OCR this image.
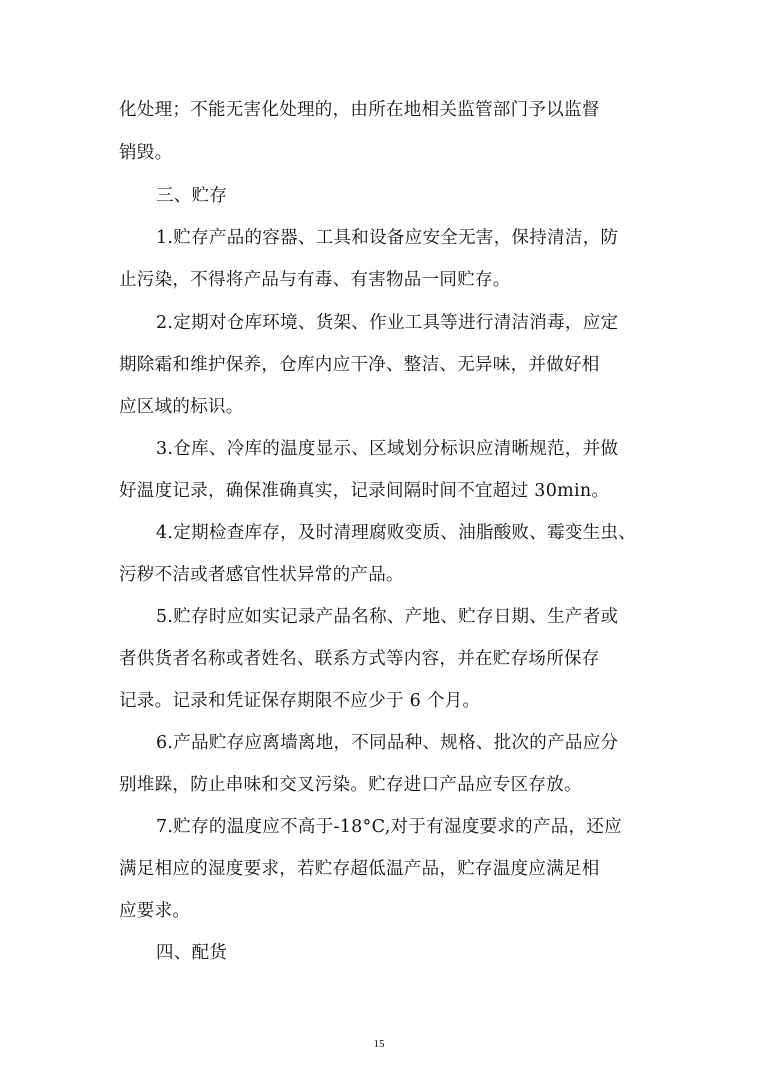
化处理；不能无害化处理的，由所在地相关监管部门予以监督
销毁。
三、贮存
1.贮存产品的容器、工具和设备应安全无害，保持清洁，防
止污染，不得将产品与有毒、有害物品一同贮存。
2.定期对仓库环境、货架、作业工具等进行清洁消毒，应定
期除霜和维护保养，仓库内应干净、整洁、无异味，并做好相
应区域的标识。
3.仓库、冷库的温度显示、区域划分标识应清晰规范，并做
好温度记录，确保准确真实，记录间隔时间不宜超过 30min。
4.定期检查库存，及时清理腐败变质、油脂酸败、霉变生虫、
污秽不洁或者感官性状异常的产品。
5.贮存时应如实记录产品名称、产地、贮存日期、生产者或
者供货者名称或者姓名、联系方式等内容，并在贮存场所保存
记录。记录和凭证保存期限不应少于 6 个月。
6.产品贮存应离墙离地，不同品种、规格、批次的产品应分
别堆跺，防止串味和交叉污染。贮存进口产品应专区存放。
7.贮存的温度应不高于-18°C,对于有湿度要求的产品，还应
满足相应的湿度要求，若贮存超低温产品，贮存温度应满足相
应要求。
四、配货
15
